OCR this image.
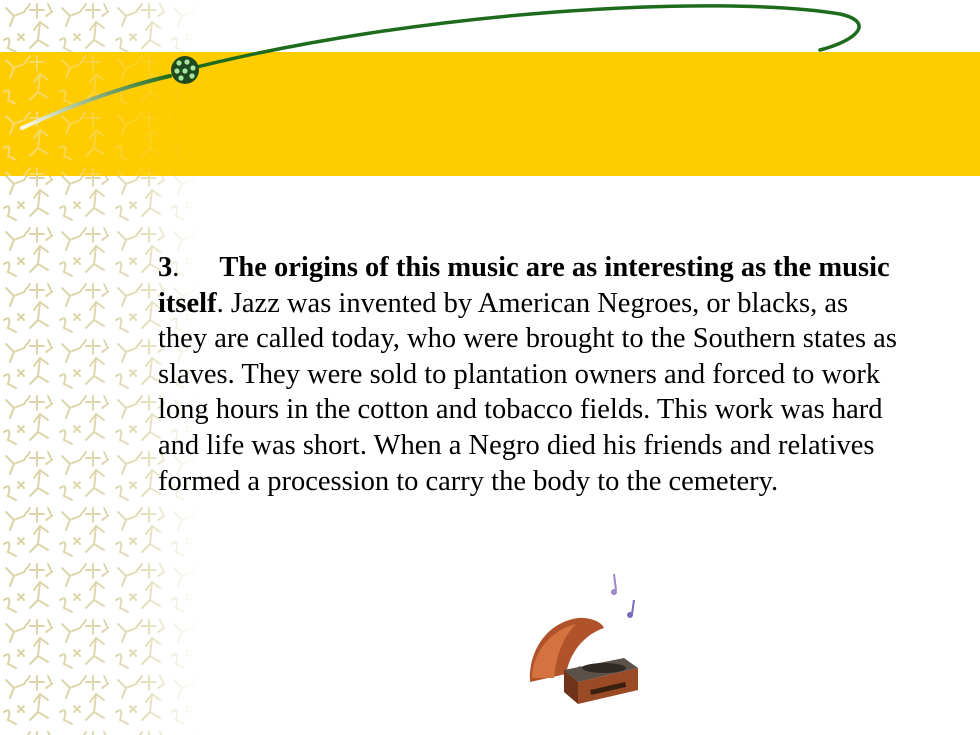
3. The origins of this music are as interesting as the music itself. Jazz was invented by American Negroes, or blacks, as they are called today, who were brought to the Southern states as slaves. They were sold to plantation owners and forced to work long hours in the cotton and tobacco fields. This work was hard and life was short. When a Negro died his friends and relatives formed a procession to carry the body to the cemetery.
